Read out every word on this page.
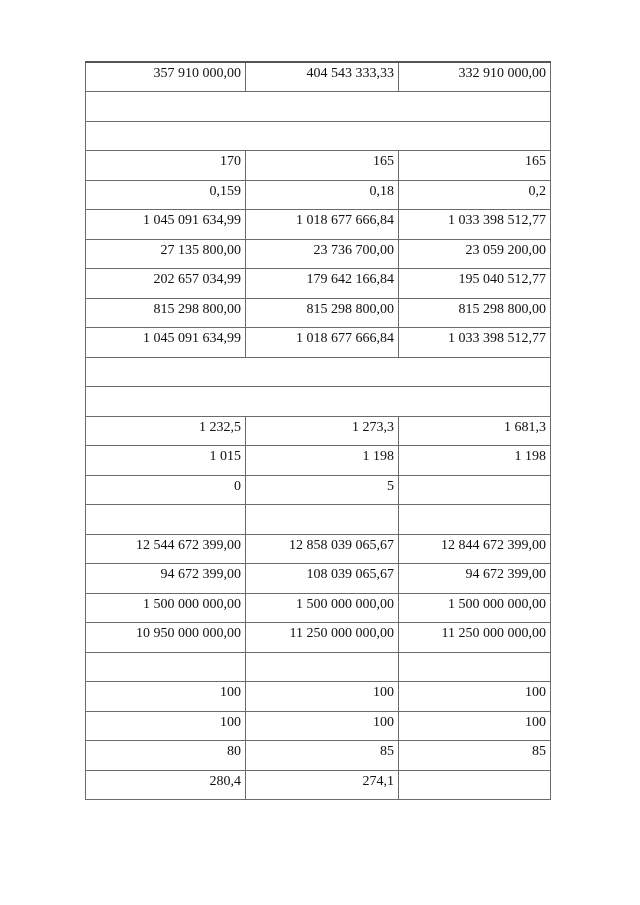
357 910 000,00	404 543 333,33	332 910 000,00

170	165	165
0,159	0,18	0,2
1 045 091 634,99	1 018 677 666,84	1 033 398 512,77
27 135 800,00	23 736 700,00	23 059 200,00
202 657 034,99	179 642 166,84	195 040 512,77
815 298 800,00	815 298 800,00	815 298 800,00
1 045 091 634,99	1 018 677 666,84	1 033 398 512,77

1 232,5	1 273,3	1 681,3
1 015	1 198	1 198
0	5	

12 544 672 399,00	12 858 039 065,67	12 844 672 399,00
94 672 399,00	108 039 065,67	94 672 399,00
1 500 000 000,00	1 500 000 000,00	1 500 000 000,00
10 950 000 000,00	11 250 000 000,00	11 250 000 000,00

100	100	100
100	100	100
80	85	85
280,4	274,1	
